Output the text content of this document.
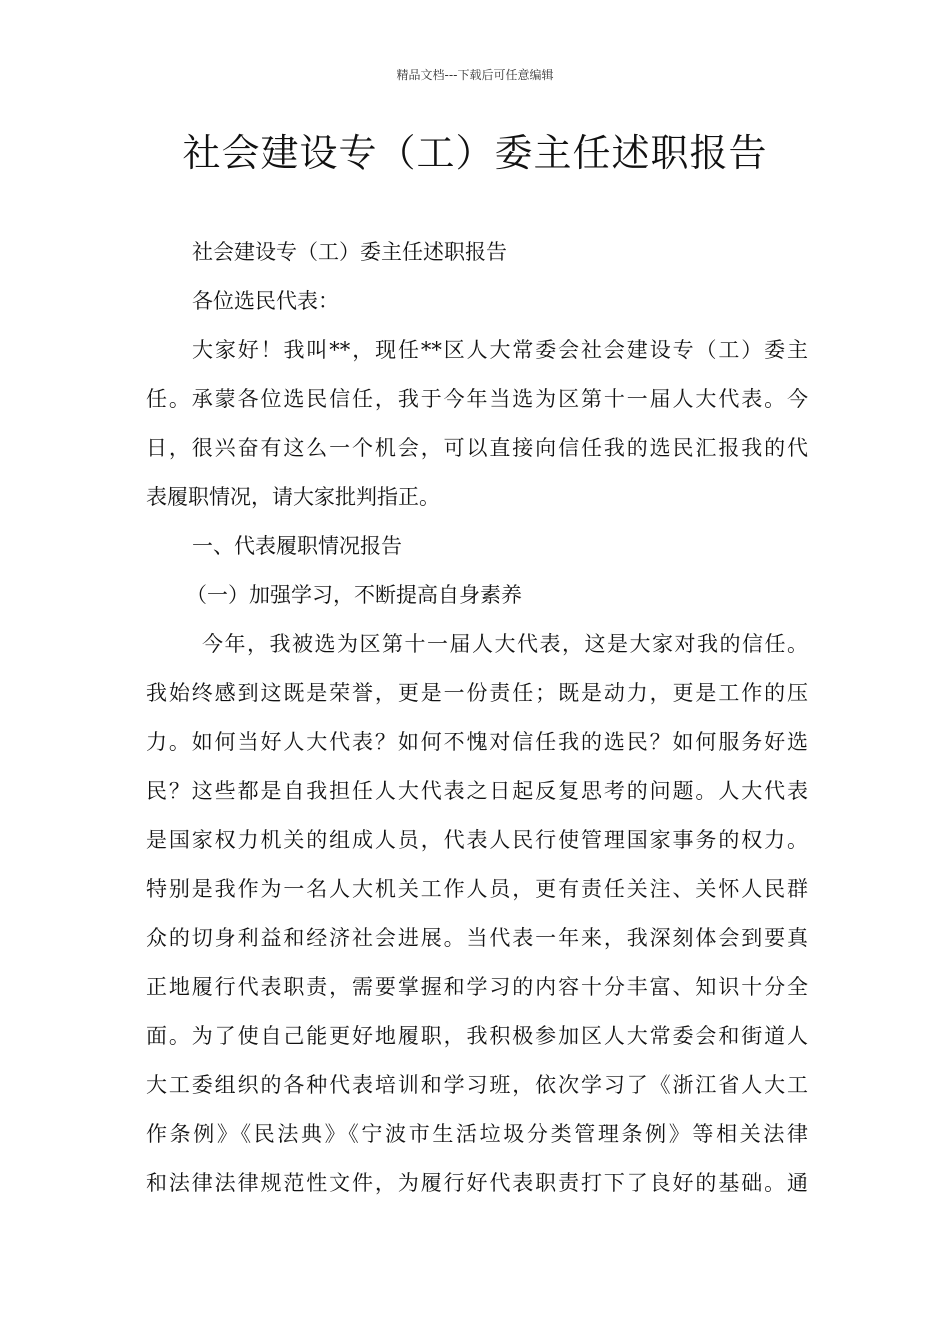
精品文档---下载后可任意编辑
社会建设专（工）委主任述职报告
社会建设专（工）委主任述职报告
各位选民代表：
大家好！我叫**，现任**区人大常委会社会建设专（工）委主
任。承蒙各位选民信任，我于今年当选为区第十一届人大代表。今
日，很兴奋有这么一个机会，可以直接向信任我的选民汇报我的代
表履职情况，请大家批判指正。
一、代表履职情况报告
（一）加强学习，不断提高自身素养
今年，我被选为区第十一届人大代表，这是大家对我的信任。
我始终感到这既是荣誉，更是一份责任；既是动力，更是工作的压
力。如何当好人大代表？如何不愧对信任我的选民？如何服务好选
民？这些都是自我担任人大代表之日起反复思考的问题。人大代表
是国家权力机关的组成人员，代表人民行使管理国家事务的权力。
特别是我作为一名人大机关工作人员，更有责任关注、关怀人民群
众的切身利益和经济社会进展。当代表一年来，我深刻体会到要真
正地履行代表职责，需要掌握和学习的内容十分丰富、知识十分全
面。为了使自己能更好地履职，我积极参加区人大常委会和街道人
大工委组织的各种代表培训和学习班，依次学习了《浙江省人大工
作条例》《民法典》《宁波市生活垃圾分类管理条例》等相关法律
和法律法律规范性文件，为履行好代表职责打下了良好的基础。通
